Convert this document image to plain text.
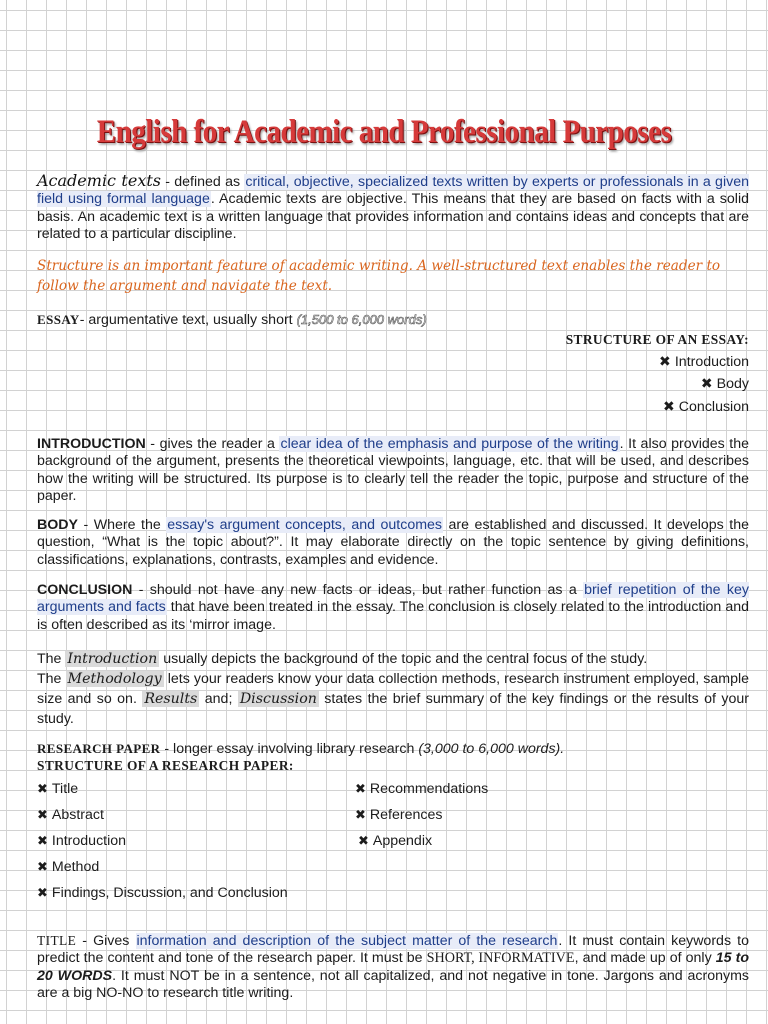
English for Academic and Professional Purposes

Academic texts - defined as critical, objective, specialized texts written by experts or professionals in a given field using formal language. Academic texts are objective. This means that they are based on facts with a solid basis. An academic text is a written language that provides information and contains ideas and concepts that are related to a particular discipline.

Structure is an important feature of academic writing. A well-structured text enables the reader to follow the argument and navigate the text.

ESSAY- argumentative text, usually short (1,500 to 6,000 words)

STRUCTURE OF AN ESSAY:
✖ Introduction
✖ Body
✖ Conclusion

INTRODUCTION - gives the reader a clear idea of the emphasis and purpose of the writing. It also provides the background of the argument, presents the theoretical viewpoints, language, etc. that will be used, and describes how the writing will be structured. Its purpose is to clearly tell the reader the topic, purpose and structure of the paper.

BODY - Where the essay's argument concepts, and outcomes are established and discussed. It develops the question, “What is the topic about?”. It may elaborate directly on the topic sentence by giving definitions, classifications, explanations, contrasts, examples and evidence.

CONCLUSION - should not have any new facts or ideas, but rather function as a brief repetition of the key arguments and facts that have been treated in the essay. The conclusion is closely related to the introduction and is often described as its ‘mirror image.

The Introduction usually depicts the background of the topic and the central focus of the study.
The Methodology lets your readers know your data collection methods, research instrument employed, sample size and so on. Results and; Discussion states the brief summary of the key findings or the results of your study.

RESEARCH PAPER - longer essay involving library research (3,000 to 6,000 words).

STRUCTURE OF A RESEARCH PAPER:
✖ Title
✖ Abstract
✖ Introduction
✖ Method
✖ Findings, Discussion, and Conclusion
✖ Recommendations
✖ References
✖ Appendix

TITLE - Gives information and description of the subject matter of the research. It must contain keywords to predict the content and tone of the research paper. It must be SHORT, INFORMATIVE, and made up of only 15 to 20 WORDS. It must NOT be in a sentence, not all capitalized, and not negative in tone. Jargons and acronyms are a big NO-NO to research title writing.
